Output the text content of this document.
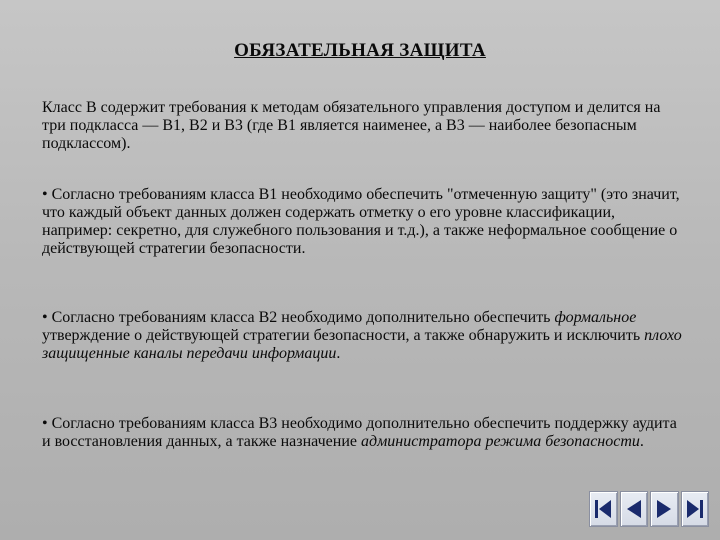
ОБЯЗАТЕЛЬНАЯ ЗАЩИТА

Класс B содержит требования к методам обязательного управления доступом и делится на три подкласса — B1, B2 и B3 (где B1 является наименее, а B3 — наиболее безопасным подклассом).

• Согласно требованиям класса B1 необходимо обеспечить "отмеченную защиту" (это значит, что каждый объект данных должен содержать отметку о его уровне классификации, например: секретно, для служебного пользования и т.д.), а также неформальное сообщение о действующей стратегии безопасности.

• Согласно требованиям класса B2 необходимо дополнительно обеспечить формальное утверждение о действующей стратегии безопасности, а также обнаружить и исключить плохо защищенные каналы передачи информации.

• Согласно требованиям класса B3 необходимо дополнительно обеспечить поддержку аудита и восстановления данных, а также назначение администратора режима безопасности.
